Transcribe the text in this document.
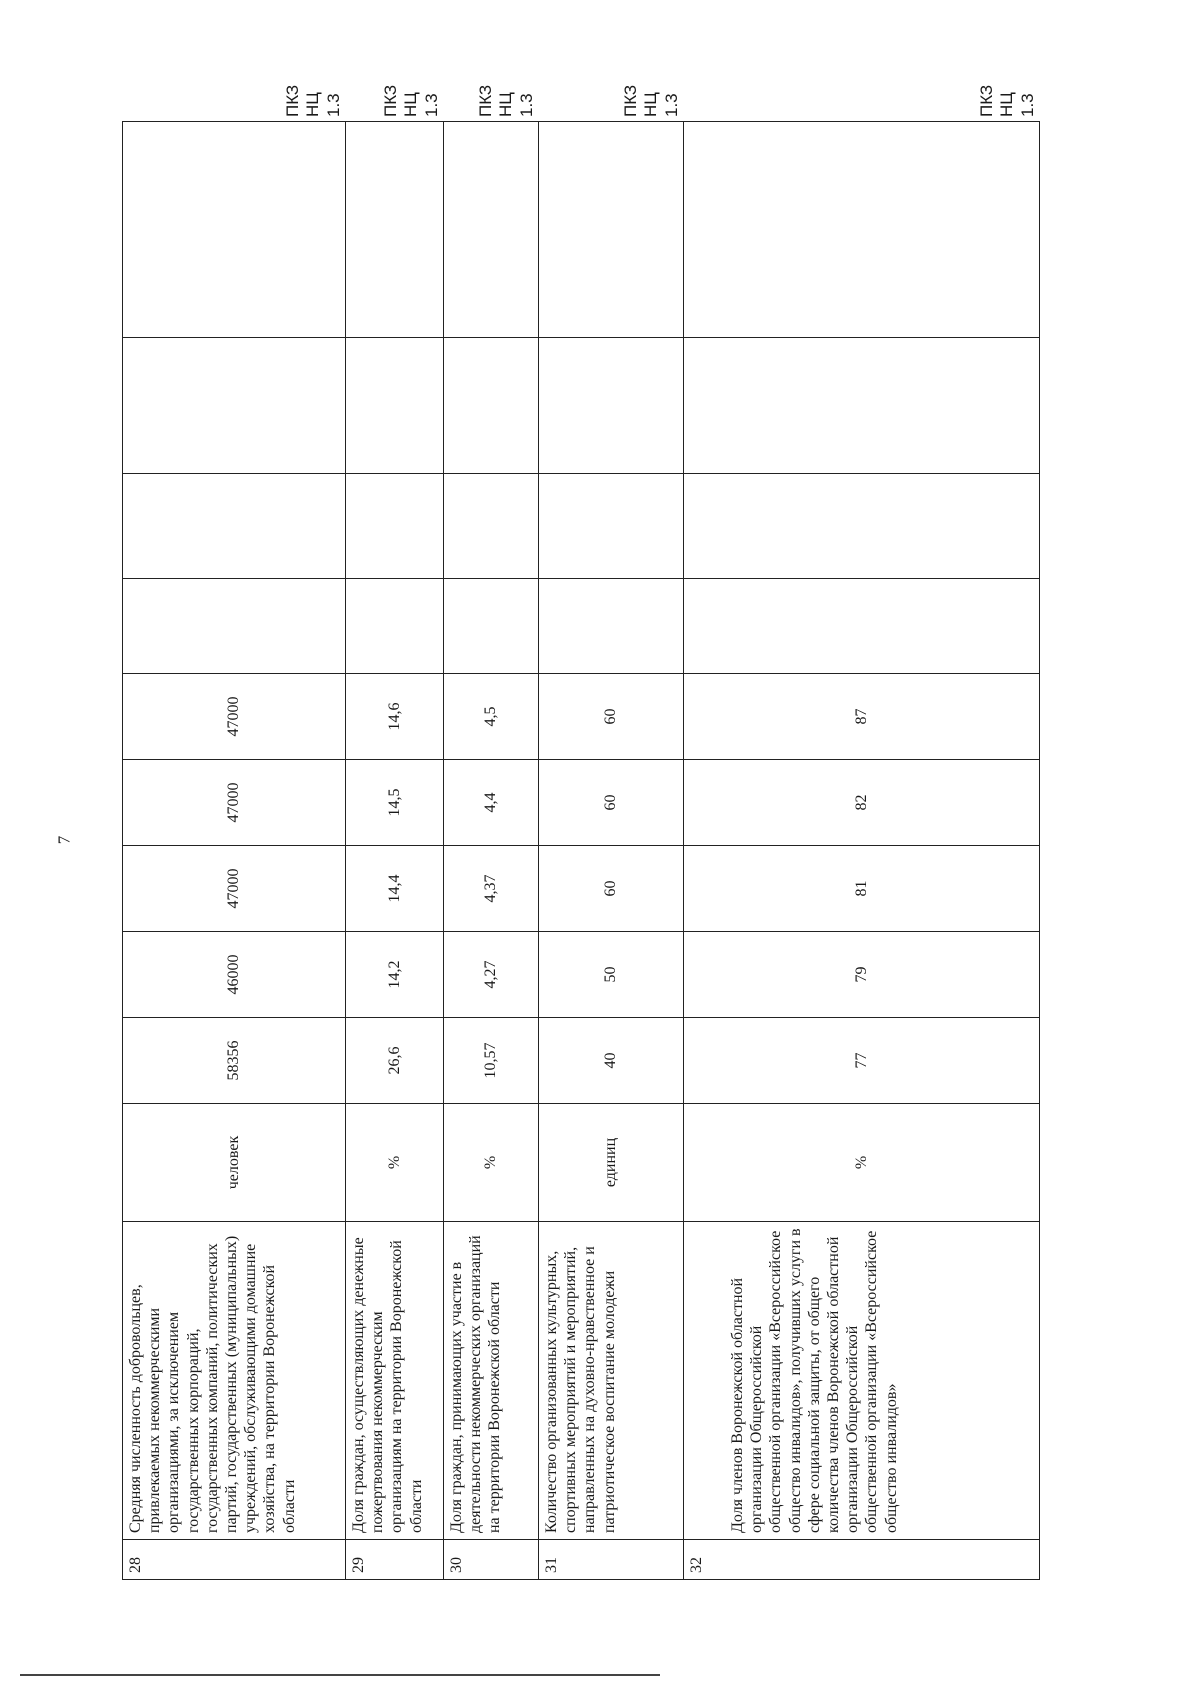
7
28	Средняя численность добровольцев, привлекаемых некоммерческими организациями, за исключением государственных корпораций, государственных компаний, политических партий, государственных (муниципальных) учреждений, обслуживающими домашние хозяйства, на территории Воронежской области	человек	58356	46000	47000	47000	47000					ПКЗ НЦ 1.3
29	Доля граждан, осуществляющих денежные пожертвования некоммерческим организациям на территории Воронежской области	%	26,6	14,2	14,4	14,5	14,6					ПКЗ НЦ 1.3
30	Доля граждан, принимающих участие в деятельности некоммерческих организаций на территории Воронежской области	%	10,57	4,27	4,37	4,4	4,5					ПКЗ НЦ 1.3
31	Количество организованных культурных, спортивных мероприятий и мероприятий, направленных на духовно-нравственное и патриотическое воспитание молодежи	единиц	40	50	60	60	60					ПКЗ НЦ 1.3
32	Доля членов Воронежской областной организации Общероссийской общественной организации «Всероссийское общество инвалидов», получивших услуги в сфере социальной защиты, от общего количества членов Воронежской областной организации Общероссийской общественной организации «Всероссийское общество инвалидов»	%	77	79	81	82	87					ПКЗ НЦ 1.3
